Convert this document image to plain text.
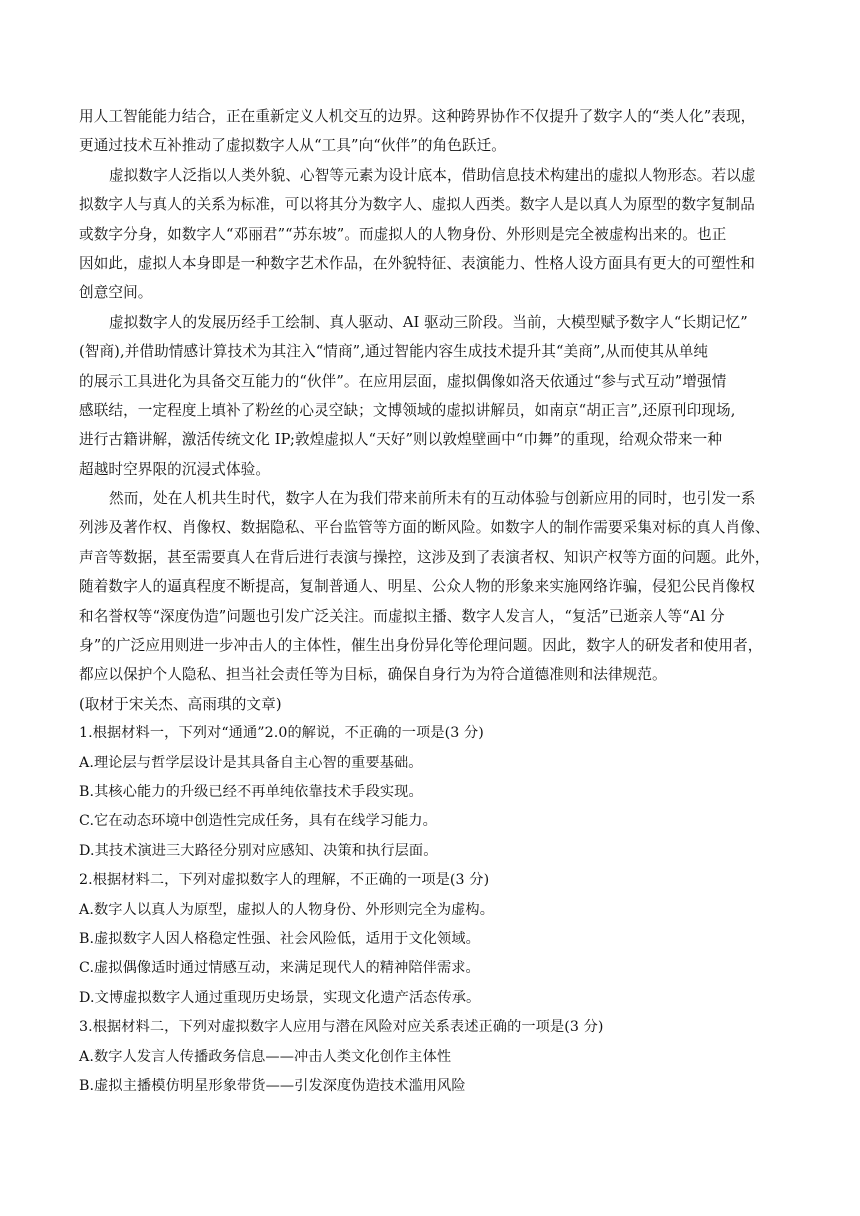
用人工智能能力结合，正在重新定义人机交互的边界。这种跨界协作不仅提升了数字人的“类人化”表现，
更通过技术互补推动了虚拟数字人从“工具”向“伙伴”的角色跃迁。
虚拟数字人泛指以人类外貌、心智等元素为设计底本，借助信息技术构建出的虚拟人物形态。若以虚
拟数字人与真人的关系为标准，可以将其分为数字人、虚拟人西类。数字人是以真人为原型的数字复制品
或数字分身，如数字人“邓丽君”“苏东坡”。而虚拟人的人物身份、外形则是完全被虚构出来的。也正
因如此，虚拟人本身即是一种数字艺术作品，在外貌特征、表演能力、性格人设方面具有更大的可塑性和
创意空间。
虚拟数字人的发展历经手工绘制、真人驱动、AI 驱动三阶段。当前，大模型赋予数字人“长期记忆”
(智商),并借助情感计算技术为其注入“情商”,通过智能内容生成技术提升其“美商”,从而使其从单纯
的展示工具进化为具备交互能力的“伙伴”。在应用层面，虚拟偶像如洛天依通过“参与式互动”增强情
感联结，一定程度上填补了粉丝的心灵空缺；文博领域的虚拟讲解员，如南京“胡正言”,还原刊印现场,
进行古籍讲解，激活传统文化 IP;敦煌虚拟人“天好”则以敦煌壁画中“巾舞”的重现，给观众带来一种
超越时空界限的沉浸式体验。
然而，处在人机共生时代，数字人在为我们带来前所未有的互动体验与创新应用的同时，也引发一系
列涉及著作权、肖像权、数据隐私、平台监管等方面的断风险。如数字人的制作需要采集对标的真人肖像、
声音等数据，甚至需要真人在背后进行表演与操控，这涉及到了表演者权、知识产权等方面的问题。此外，
随着数字人的逼真程度不断提高，复制普通人、明星、公众人物的形象来实施网络诈骗，侵犯公民肖像权
和名誉权等“深度伪造”问题也引发广泛关注。而虚拟主播、数字人发言人，“复活”已逝亲人等“Al 分
身”的广泛应用则进一步冲击人的主体性，催生出身份异化等伦理问题。因此，数字人的研发者和使用者，
都应以保护个人隐私、担当社会责任等为目标，确保自身行为为符合道德准则和法律规范。
(取材于宋关杰、高雨琪的文章)
1.根据材料一，下列对“通通”2.0的解说，不正确的一项是(3 分)
A.理论层与哲学层设计是其具备自主心智的重要基础。
B.其核心能力的升级已经不再单纯依靠技术手段实现。
C.它在动态环境中创造性完成任务，具有在线学习能力。
D.其技术演进三大路径分别对应感知、决策和执行层面。
2.根据材料二，下列对虚拟数字人的理解，不正确的一项是(3 分)
A.数字人以真人为原型，虚拟人的人物身份、外形则完全为虚构。
B.虚拟数字人因人格稳定性强、社会风险低，适用于文化领域。
C.虚拟偶像适时通过情感互动，来满足现代人的精神陪伴需求。
D.文博虚拟数字人通过重现历史场景，实现文化遗产活态传承。
3.根据材料二，下列对虚拟数字人应用与潜在风险对应关系表述正确的一项是(3 分)
A.数字人发言人传播政务信息——冲击人类文化创作主体性
B.虚拟主播模仿明星形象带货——引发深度伪造技术滥用风险
